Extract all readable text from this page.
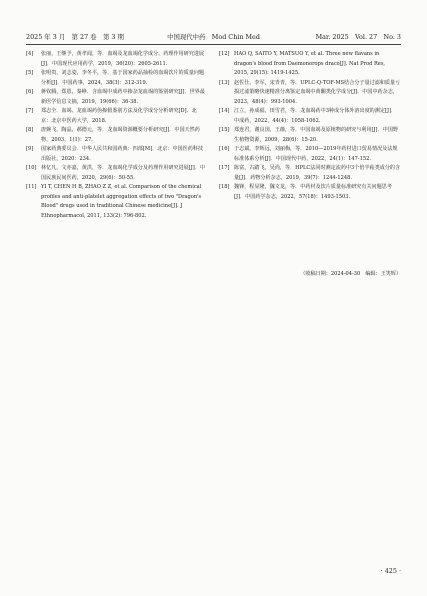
2025 年 3 月　第 27 卷　第 3 期	中国现代中药　Mod Chin Med	Mar. 2025　Vol. 27　No. 3
[4]	张丽，王继予，黄孝闻，等．血竭及龙血竭化学成分、药理作用研究进展[J]．中国现代应用药学，2019，36(20)：2605-2611.
[5]	张明贵，刘志姿，李冬平，等．基于国家药品抽检的血竭饮片的质量问题分析[J]．中国药事，2024，38(3)：312-319.
[6]	蒋钦腾，郑恩，秦峥．含血竭中成药中掺杂龙血竭的鉴别研究[J]．世界最新医学信息文摘，2019，19(66)：36-38.
[7]	郑志全．血竭、龙血竭药伪掺假鉴别方法及化学成分分析研究[D]．北京：北京中医药大学，2018.
[8]	唐婉飞，陶晶，郝德元，等．龙血竭资源概要分析研究[J]．中国天然药物，2003，1(1)：27.
[9]	国家药典委员会．中华人民共和国药典：四部[M]．北京：中国医药科技出版社，2020：234.
[10] 林忆凡，文亦嘉，黄洪，等．龙血竭化学成分及药理作用研究进展[J]．中国民族民间医药，2020，29(6)：50-55.
[11] YI T, CHEN H B, ZHAO Z Z, et al. Comparison of the chemical profiles and anti-platelet aggregation effects of two "Dragon's Blood" drugs used in traditional Chinese medicine[J]. J Ethnopharmacol, 2011, 133(2): 796-802.
[12] HAO Q, SAITO Y, MATSUO Y, et al. Three new flavans in dragon's blood from Daemonorops draco[J]. Nat Prod Res, 2015, 29(15): 1419-1425.
[13] 赵佐仕，李军，宋青青，等．UPLC-Q-TOF-MS结合分子量过滤和质量亏损过滤策略快速精准分离鉴定血竭中黄酮类化学成分[J]．中国中药杂志，2023，48(4)：993-1004.
[14] 江立，孙成福，田雪君，等．龙血竭药中3种成分体外溶出度的测定[J]．中成药，2022，44(4)：1058-1062.
[15] 郑连君，谢良国，王薇，等．中国血竭及原植物的研究与利用[J]．中国野生植物资源，2009，28(6)：15-20.
[16] 于志斌，李辉远，刘丽梅，等．2010—2019年药材进口贸易情况及法规标准体系分析[J]．中国现代中药，2022，24(1)：147-152.
[17] 陈富，古踏飞，吴尚，等．HPLC法同时测定流药中3个倍半萜类成分的含量[J]．药物分析杂志，2019，39(7)：1244-1248.
[18] 魏锋，程显隆，魏文龙，等．中药材及饮片质量标准研究有关问题思考[J]．中国药学杂志，2022，57(18)：1493-1503.
（收稿日期：2024-04-30　编辑：王笑辉）
· 425 ·
